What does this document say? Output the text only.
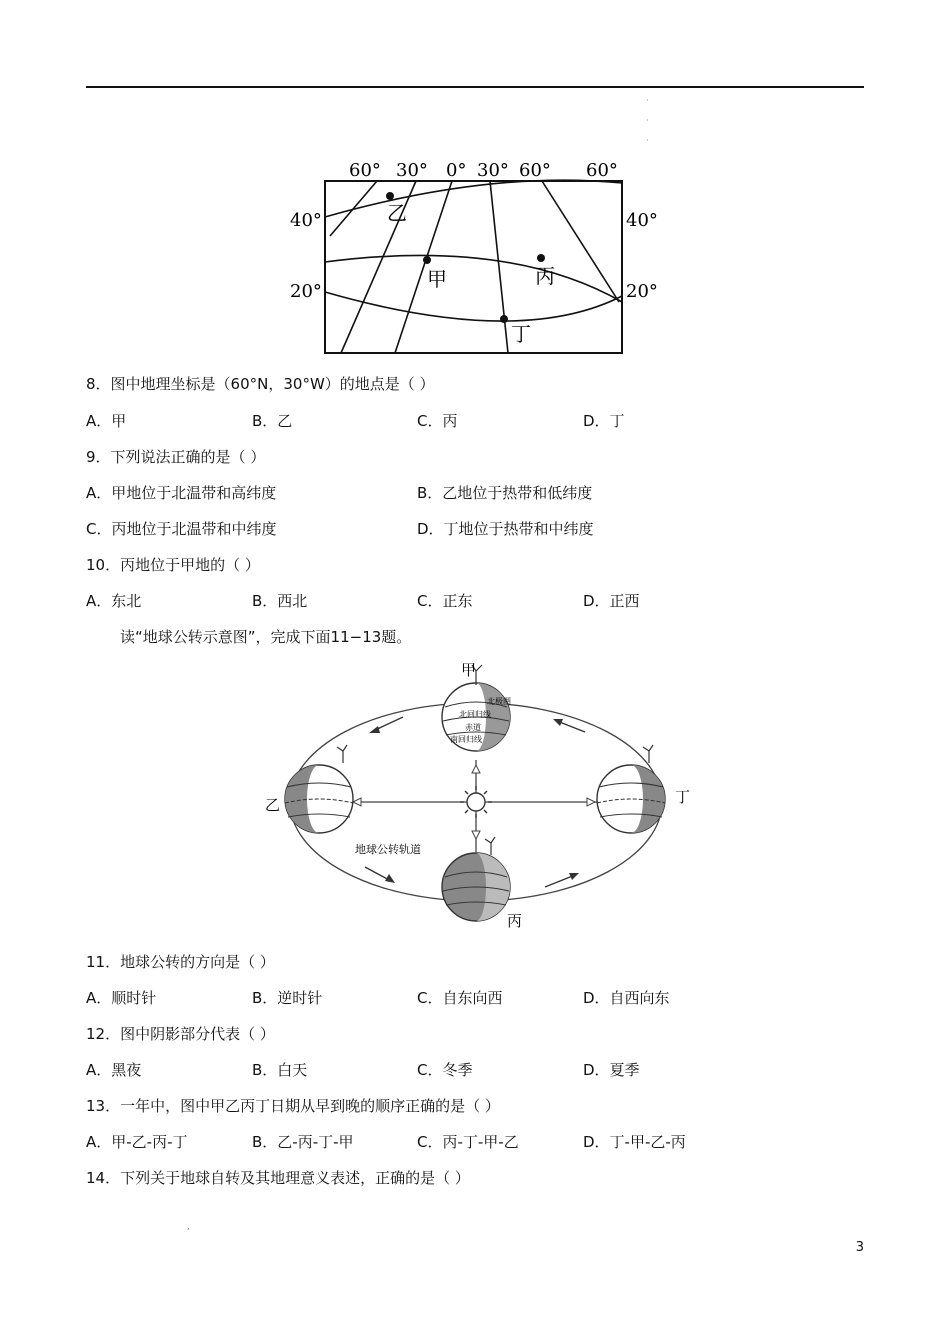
·
·
·
60° 30° 0° 30° 60° 60°
40°
20°
40°
20°
乙
甲	丙
丁
8．图中地理坐标是（60°N，30°W）的地点是（ ）
A．甲	B．乙	C．丙	D．丁
9．下列说法正确的是（ ）
A．甲地位于北温带和高纬度	B．乙地位于热带和低纬度
C．丙地位于北温带和中纬度	D．丁地位于热带和中纬度
10．丙地位于甲地的（ ）
A．东北	B．西北	C．正东	D．正西
读“地球公转示意图”，完成下面11−13题。
北极圈
北回归线
赤道
南回归线
甲
乙
丙
丁
地球公转轨道
11．地球公转的方向是（ ）
A．顺时针	B．逆时针	C．自东向西	D．自西向东
12．图中阴影部分代表（ ）
A．黑夜	B．白天	C．冬季	D．夏季
13．一年中，图中甲乙丙丁日期从早到晚的顺序正确的是（ ）
A．甲-乙-丙-丁	B．乙-丙-丁-甲	C．丙-丁-甲-乙	D．丁-甲-乙-丙
14．下列关于地球自转及其地理意义表述，正确的是（ ）
,
3
